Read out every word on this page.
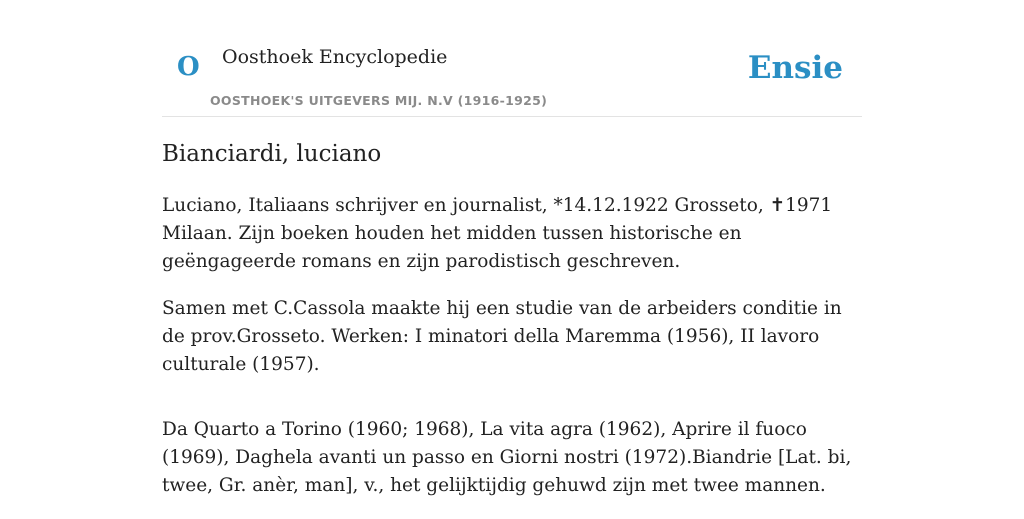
O Oosthoek Encyclopedie
OOSTHOEK'S UITGEVERS MIJ. N.V (1916-1925)
Ensie
Bianciardi, luciano

Luciano, Italiaans schrijver en journalist, *14.12.1922 Grosseto, ✝1971 Milaan. Zijn boeken houden het midden tussen historische en geëngageerde romans en zijn parodistisch geschreven.

Samen met C.Cassola maakte hij een studie van de arbeiders conditie in de prov.Grosseto. Werken: I minatori della Maremma (1956), II lavoro culturale (1957).

Da Quarto a Torino (1960; 1968), La vita agra (1962), Aprire il fuoco (1969), Daghela avanti un passo en Giorni nostri (1972).Biandrie [Lat. bi, twee, Gr. anèr, man], v., het gelijktijdig gehuwd zijn met twee mannen.
